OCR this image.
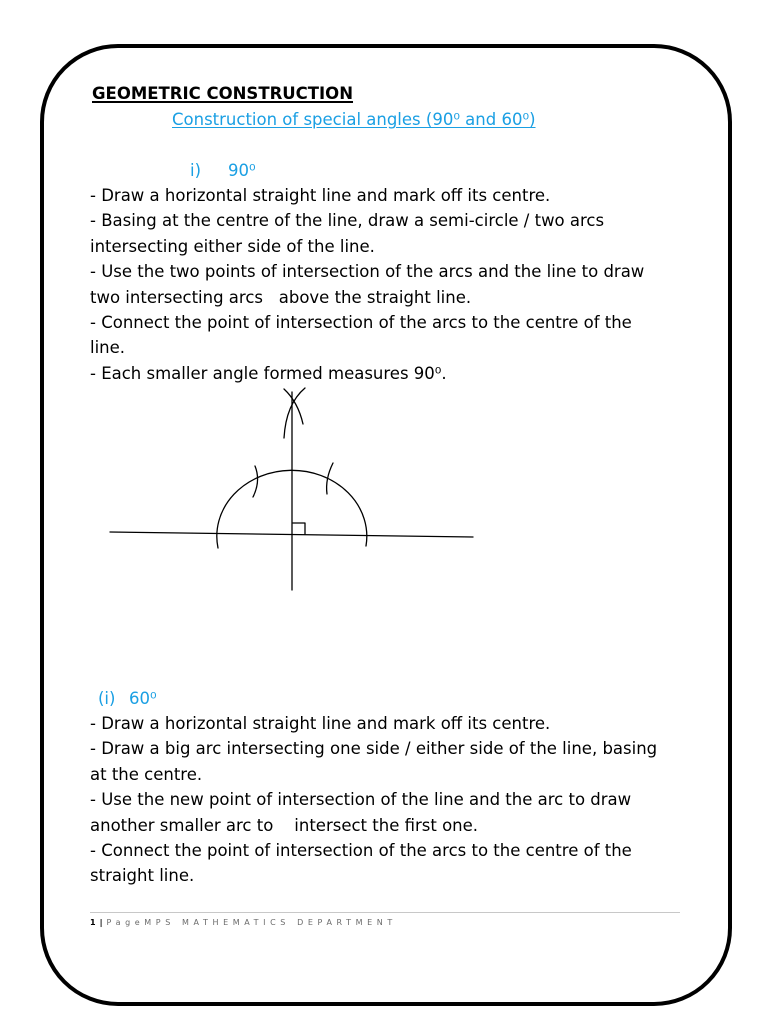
GEOMETRIC CONSTRUCTION
Construction of special angles (90⁰ and 60⁰)
i) 90⁰
- Draw a horizontal straight line and mark off its centre.
- Basing at the centre of the line, draw a semi-circle / two arcs
intersecting either side of the line.
- Use the two points of intersection of the arcs and the line to draw
two intersecting arcs   above the straight line.
- Connect the point of intersection of the arcs to the centre of the
line.
- Each smaller angle formed measures 90⁰.
(i) 60⁰
- Draw a horizontal straight line and mark off its centre.
- Draw a big arc intersecting one side / either side of the line, basing
at the centre.
- Use the new point of intersection of the line and the arc to draw
another smaller arc to    intersect the first one.
- Connect the point of intersection of the arcs to the centre of the
straight line.
1 | PageMPS MATHEMATICS DEPARTMENT
